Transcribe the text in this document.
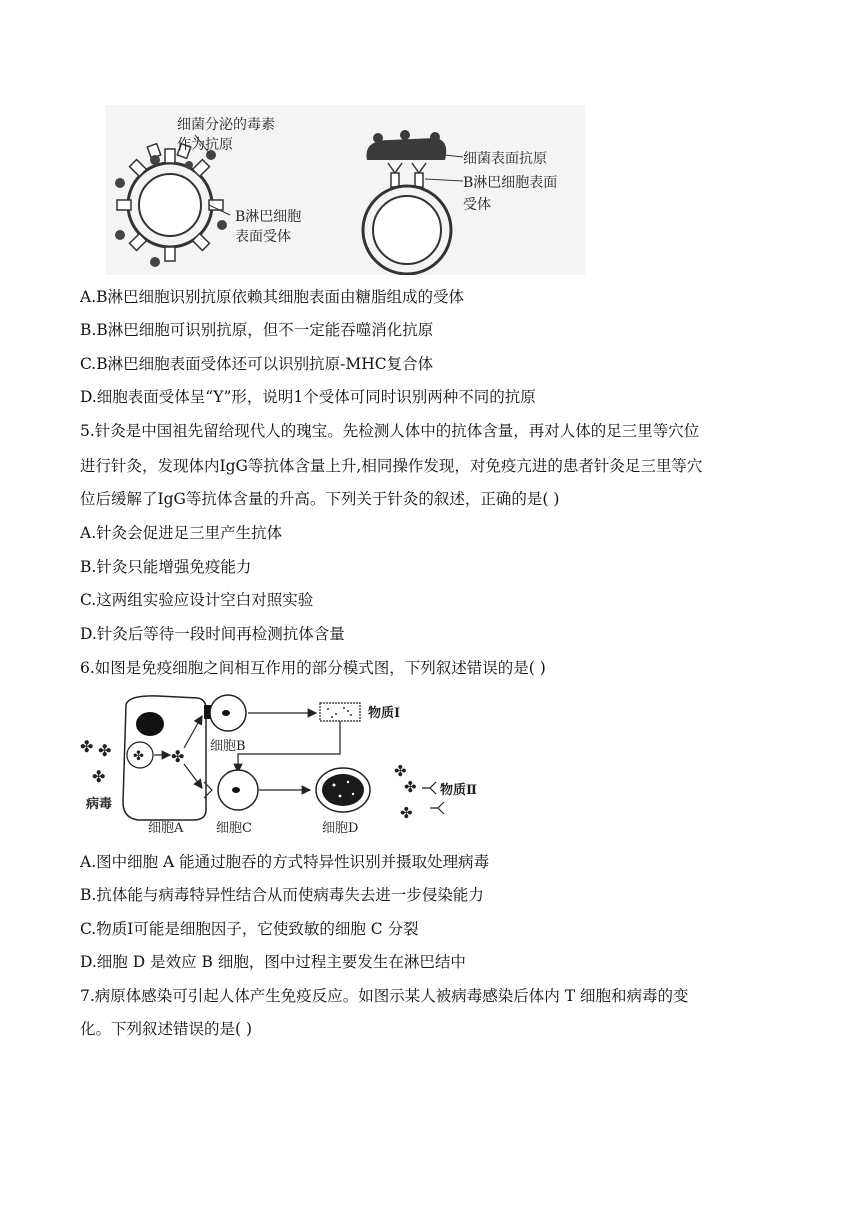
细菌分泌的毒素
作为抗原
B淋巴细胞
表面受体
细菌表面抗原
B淋巴细胞表面
受体
A.B淋巴细胞识别抗原依赖其细胞表面由糖脂组成的受体
B.B淋巴细胞可识别抗原，但不一定能吞噬消化抗原
C.B淋巴细胞表面受体还可以识别抗原-MHC复合体
D.细胞表面受体呈“Y”形，说明1个受体可同时识别两种不同的抗原
5.针灸是中国祖先留给现代人的瑰宝。先检测人体中的抗体含量，再对人体的足三里等穴位
进行针灸，发现体内IgG等抗体含量上升,相同操作发现，对免疫亢进的患者针灸足三里等穴
位后缓解了IgG等抗体含量的升高。下列关于针灸的叙述，正确的是( )
A.针灸会促进足三里产生抗体
B.针灸只能增强免疫能力
C.这两组实验应设计空白对照实验
D.针灸后等待一段时间再检测抗体含量
6.如图是免疫细胞之间相互作用的部分模式图，下列叙述错误的是( )
✤
✤ ✤
✤
✤
病毒
细胞A
细胞B
物质Ⅰ
细胞C	细胞D
✤
✤
✤
物质Ⅱ
A.图中细胞 A 能通过胞吞的方式特异性识别并摄取处理病毒
B.抗体能与病毒特异性结合从而使病毒失去进一步侵染能力
C.物质Ⅰ可能是细胞因子，它使致敏的细胞 C 分裂
D.细胞 D 是效应 B 细胞，图中过程主要发生在淋巴结中
7.病原体感染可引起人体产生免疫反应。如图示某人被病毒感染后体内 T 细胞和病毒的变
化。下列叙述错误的是( )
